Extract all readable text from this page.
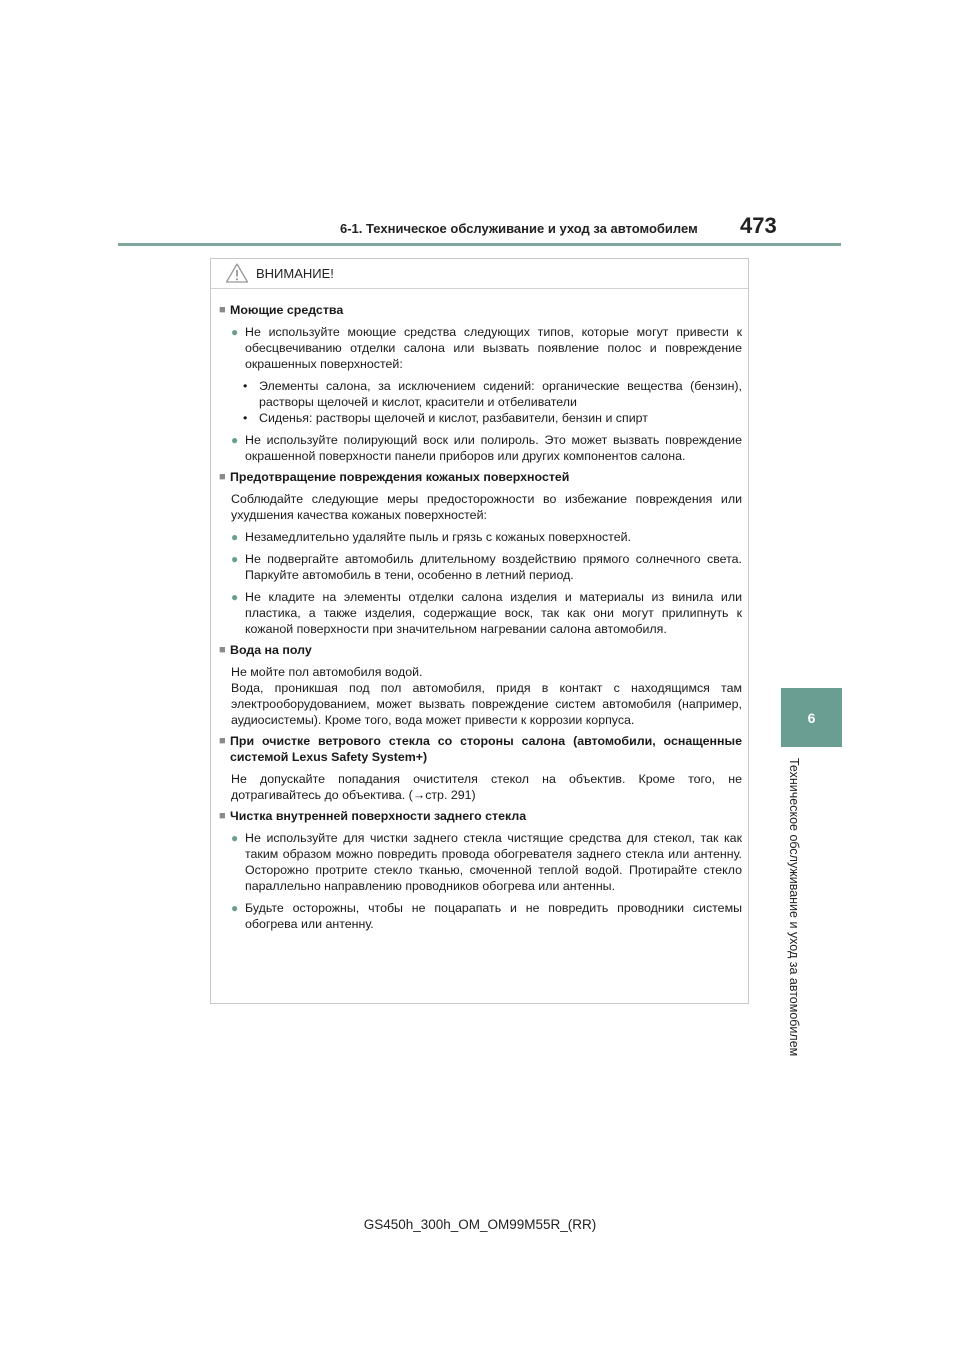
6-1. Техническое обслуживание и уход за автомобилем 473
6
Техническое обслуживание и уход за автомобилем
ВНИМАНИЕ!
■ Моющие средства
● Не используйте моющие средства следующих типов, которые могут привести к обесцвечиванию отделки салона или вызвать появление полос и повреждение окрашенных поверхностей:
• Элементы салона, за исключением сидений: органические вещества (бензин), растворы щелочей и кислот, красители и отбеливатели
• Сиденья: растворы щелочей и кислот, разбавители, бензин и спирт
● Не используйте полирующий воск или полироль. Это может вызвать повреждение окрашенной поверхности панели приборов или других компонентов салона.
■ Предотвращение повреждения кожаных поверхностей
Соблюдайте следующие меры предосторожности во избежание повреждения или ухудшения качества кожаных поверхностей:
● Незамедлительно удаляйте пыль и грязь с кожаных поверхностей.
● Не подвергайте автомобиль длительному воздействию прямого солнечного света. Паркуйте автомобиль в тени, особенно в летний период.
● Не кладите на элементы отделки салона изделия и материалы из винила или пластика, а также изделия, содержащие воск, так как они могут прилипнуть к кожаной поверхности при значительном нагревании салона автомобиля.
■ Вода на полу
Не мойте пол автомобиля водой.
Вода, проникшая под пол автомобиля, придя в контакт с находящимся там электрооборудованием, может вызвать повреждение систем автомобиля (например, аудиосистемы). Кроме того, вода может привести к коррозии корпуса.
■ При очистке ветрового стекла со стороны салона (автомобили, оснащенные системой Lexus Safety System+)
Не допускайте попадания очистителя стекол на объектив. Кроме того, не дотрагивайтесь до объектива. (→стр. 291)
■ Чистка внутренней поверхности заднего стекла
● Не используйте для чистки заднего стекла чистящие средства для стекол, так как таким образом можно повредить провода обогревателя заднего стекла или антенну. Осторожно протрите стекло тканью, смоченной теплой водой. Протирайте стекло параллельно направлению проводников обогрева или антенны.
● Будьте осторожны, чтобы не поцарапать и не повредить проводники системы обогрева или антенну.
GS450h_300h_OM_OM99M55R_(RR)
